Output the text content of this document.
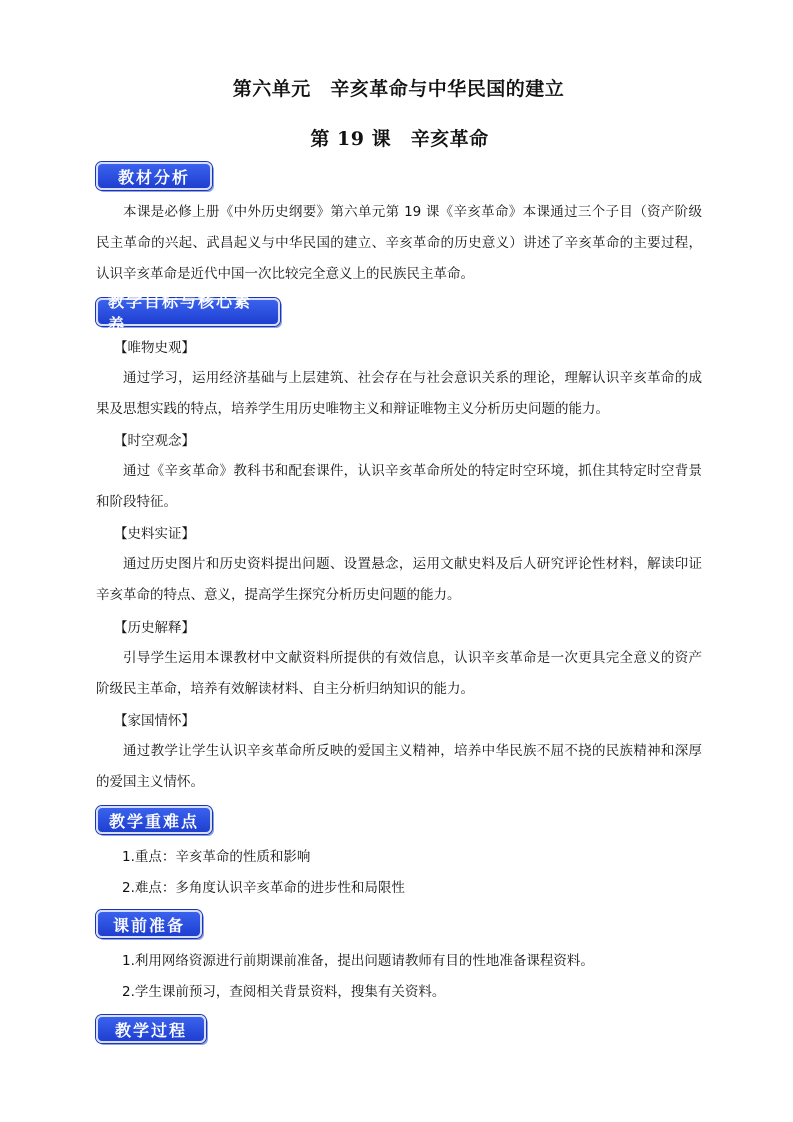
第六单元　辛亥革命与中华民国的建立
第 19 课　辛亥革命
教材分析
本课是必修上册《中外历史纲要》第六单元第 19 课《辛亥革命》本课通过三个子目（资产阶级民主革命的兴起、武昌起义与中华民国的建立、辛亥革命的历史意义）讲述了辛亥革命的主要过程，认识辛亥革命是近代中国一次比较完全意义上的民族民主革命。
教学目标与核心素养
【唯物史观】
通过学习，运用经济基础与上层建筑、社会存在与社会意识关系的理论，理解认识辛亥革命的成果及思想实践的特点，培养学生用历史唯物主义和辩证唯物主义分析历史问题的能力。
【时空观念】
通过《辛亥革命》教科书和配套课件，认识辛亥革命所处的特定时空环境，抓住其特定时空背景和阶段特征。
【史料实证】
通过历史图片和历史资料提出问题、设置悬念，运用文献史料及后人研究评论性材料，解读印证辛亥革命的特点、意义，提高学生探究分析历史问题的能力。
【历史解释】
引导学生运用本课教材中文献资料所提供的有效信息，认识辛亥革命是一次更具完全意义的资产阶级民主革命，培养有效解读材料、自主分析归纳知识的能力。
【家国情怀】
通过教学让学生认识辛亥革命所反映的爱国主义精神，培养中华民族不屈不挠的民族精神和深厚的爱国主义情怀。
教学重难点
1.重点：辛亥革命的性质和影响
2.难点：多角度认识辛亥革命的进步性和局限性
课前准备
1.利用网络资源进行前期课前准备，提出问题请教师有目的性地准备课程资料。
2.学生课前预习，查阅相关背景资料，搜集有关资料。
教学过程
